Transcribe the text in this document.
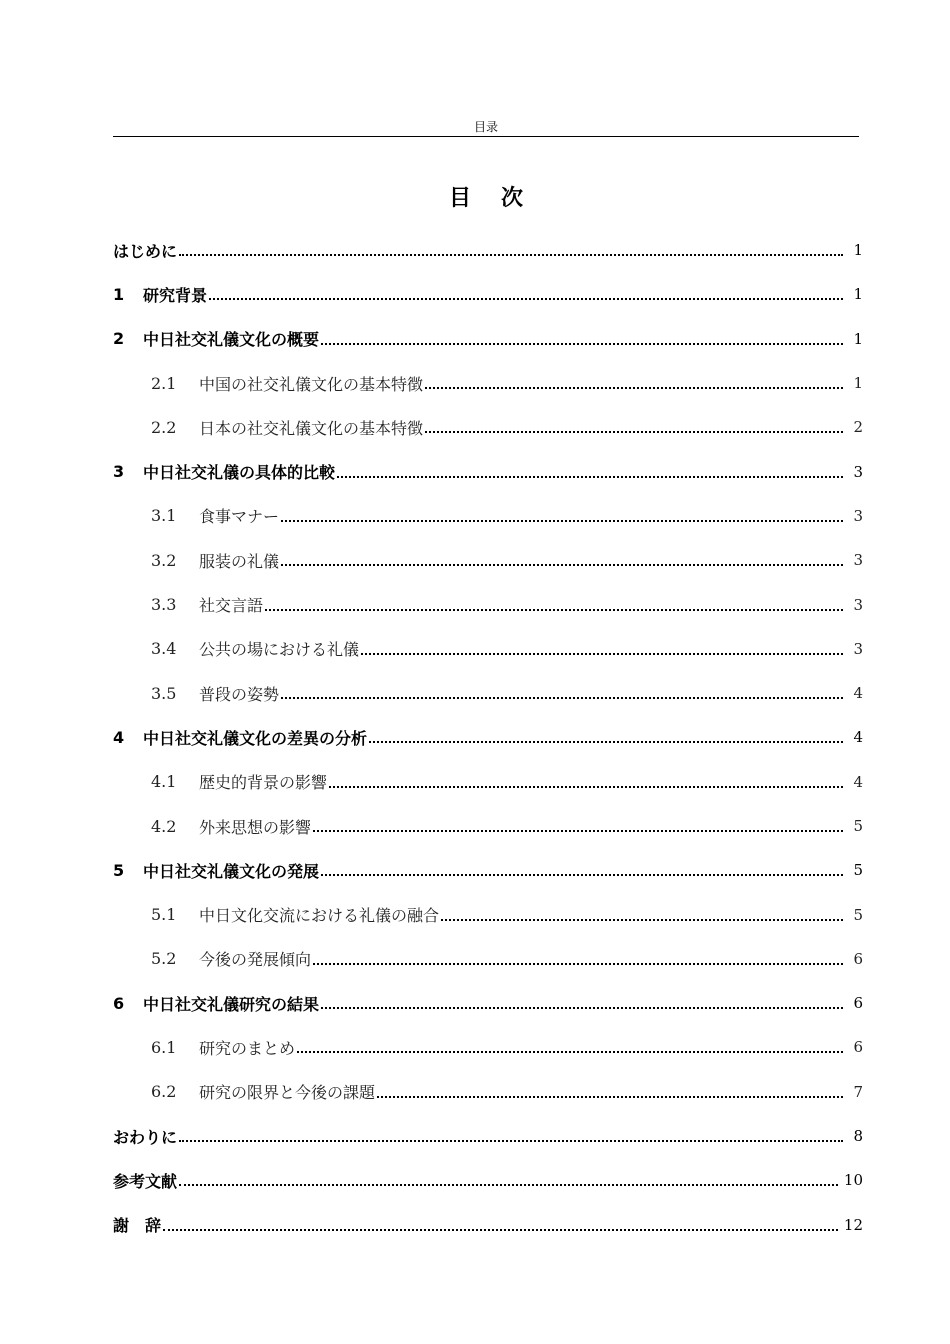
目录
目次
はじめに	1
1	研究背景	1
2	中日社交礼儀文化の概要	1
2.1	中国の社交礼儀文化の基本特徴	1
2.2	日本の社交礼儀文化の基本特徴	2
3	中日社交礼儀の具体的比較	3
3.1	食事マナー	3
3.2	服装の礼儀	3
3.3	社交言語	3
3.4	公共の場における礼儀	3
3.5	普段の姿勢	4
4	中日社交礼儀文化の差異の分析	4
4.1	歴史的背景の影響	4
4.2	外来思想の影響	5
5	中日社交礼儀文化の発展	5
5.1	中日文化交流における礼儀の融合	5
5.2	今後の発展傾向	6
6	中日社交礼儀研究の結果	6
6.1	研究のまとめ	6
6.2	研究の限界と今後の課題	7
おわりに	8
参考文献	10
謝　辞	12
